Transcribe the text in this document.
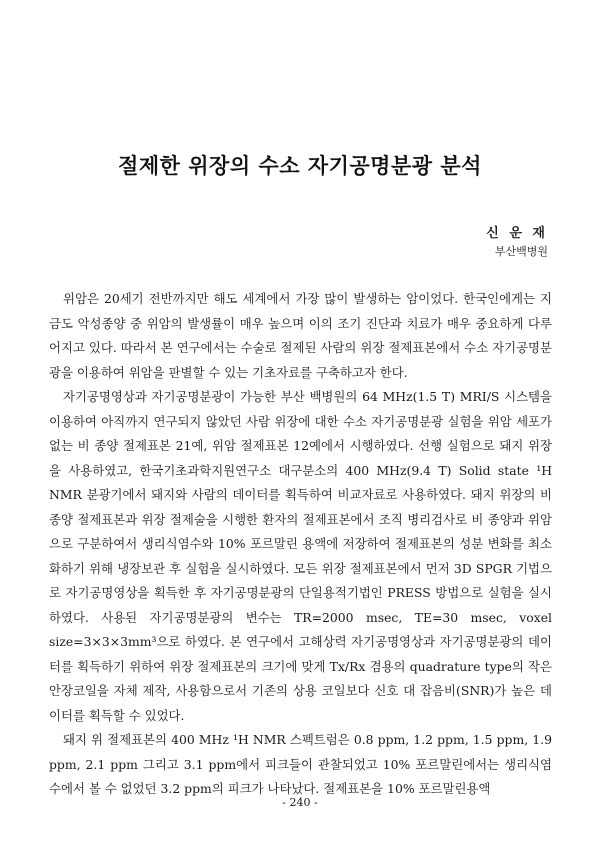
절제한 위장의 수소 자기공명분광 분석
신 운 재
부산백병원

위암은 20세기 전반까지만 해도 세계에서 가장 많이 발생하는 암이었다. 한국인에게는 지금도 악성종양 중 위암의 발생률이 매우 높으며 이의 조기 진단과 치료가 매우 중요하게 다루어지고 있다. 따라서 본 연구에서는 수술로 절제된 사람의 위장 절제표본에서 수소 자기공명분광을 이용하여 위암을 판별할 수 있는 기초자료를 구축하고자 한다.

자기공명영상과 자기공명분광이 가능한 부산 백병원의 64 MHz(1.5 T) MRI/S 시스템을 이용하여 아직까지 연구되지 않았던 사람 위장에 대한 수소 자기공명분광 실험을 위암 세포가 없는 비 종양 절제표본 21예, 위암 절제표본 12예에서 시행하였다. 선행 실험으로 돼지 위장을 사용하였고, 한국기초과학지원연구소 대구분소의 400 MHz(9.4 T) Solid state ¹H NMR 분광기에서 돼지와 사람의 데이터를 획득하여 비교자료로 사용하였다. 돼지 위장의 비 종양 절제표본과 위장 절제술을 시행한 환자의 절제표본에서 조직 병리검사로 비 종양과 위암으로 구분하여서 생리식염수와 10% 포르말린 용액에 저장하여 절제표본의 성분 변화를 최소화하기 위해 냉장보관 후 실험을 실시하였다. 모든 위장 절제표본에서 먼저 3D SPGR 기법으로 자기공명영상을 획득한 후 자기공명분광의 단일용적기법인 PRESS 방법으로 실험을 실시하였다. 사용된 자기공명분광의 변수는 TR=2000 msec, TE=30 msec, voxel size=3×3×3mm³으로 하였다. 본 연구에서 고해상력 자기공명영상과 자기공명분광의 데이터를 획득하기 위하여 위장 절제표본의 크기에 맞게 Tx/Rx 겸용의 quadrature type의 작은 안장코일을 자체 제작, 사용함으로서 기존의 상용 코일보다 신호 대 잡음비(SNR)가 높은 데이터를 획득할 수 있었다.

돼지 위 절제표본의 400 MHz ¹H NMR 스펙트럼은 0.8 ppm, 1.2 ppm, 1.5 ppm, 1.9 ppm, 2.1 ppm 그리고 3.1 ppm에서 피크들이 관찰되었고 10% 포르말린에서는 생리식염수에서 볼 수 없었던 3.2 ppm의 피크가 나타났다. 절제표본을 10% 포르말린용액

- 240 -
